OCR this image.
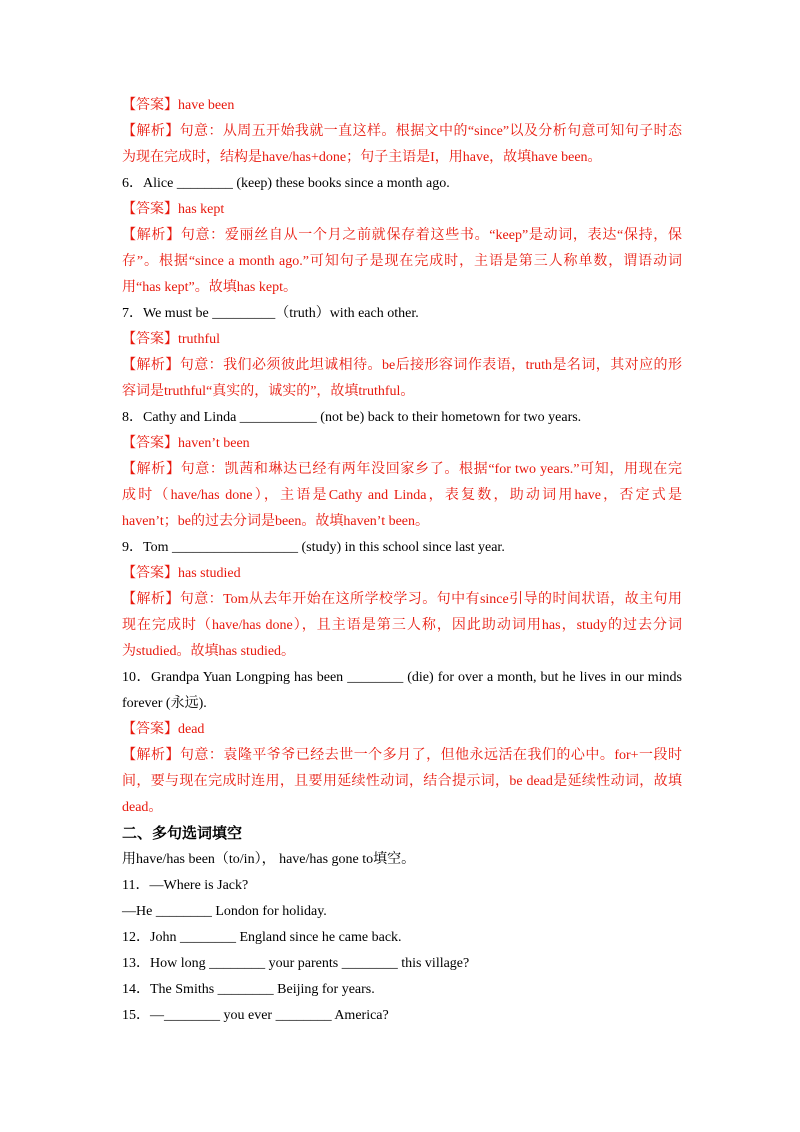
【答案】have been
【解析】句意：从周五开始我就一直这样。根据文中的“since”以及分析句意可知句子时态
为现在完成时，结构是have/has+done；句子主语是I，用have，故填have been。
6．Alice ________ (keep) these books since a month ago.
【答案】has kept
【解析】句意：爱丽丝自从一个月之前就保存着这些书。“keep”是动词，表达“保持，保
存”。根据“since a month ago.”可知句子是现在完成时，主语是第三人称单数，谓语动词
用“has kept”。故填has kept。
7．We must be _________（truth）with each other.
【答案】truthful
【解析】句意：我们必须彼此坦诚相待。be后接形容词作表语，truth是名词，其对应的形
容词是truthful“真实的，诚实的”，故填truthful。
8．Cathy and Linda ___________ (not be) back to their hometown for two years.
【答案】haven’t been
【解析】句意：凯茜和琳达已经有两年没回家乡了。根据“for two years.”可知，用现在完
成时（have/has done），主语是Cathy and Linda，表复数，助动词用have，否定式是
haven’t；be的过去分词是been。故填haven’t been。
9．Tom __________________ (study) in this school since last year.
【答案】has studied
【解析】句意：Tom从去年开始在这所学校学习。句中有since引导的时间状语，故主句用
现在完成时（have/has done），且主语是第三人称，因此助动词用has，study的过去分词
为studied。故填has studied。
10．Grandpa Yuan Longping has been ________ (die) for over a month, but he lives in our minds
forever (永远).
【答案】dead
【解析】句意：袁隆平爷爷已经去世一个多月了，但他永远活在我们的心中。for+一段时
间，要与现在完成时连用，且要用延续性动词，结合提示词，be dead是延续性动词，故填
dead。
二、多句选词填空
用have/has been（to/in）， have/has gone to填空。
11．—Where is Jack?
—He ________ London for holiday.
12．John ________ England since he came back.
13．How long ________ your parents ________ this village?
14．The Smiths ________ Beijing for years.
15．—________ you ever ________ America?
